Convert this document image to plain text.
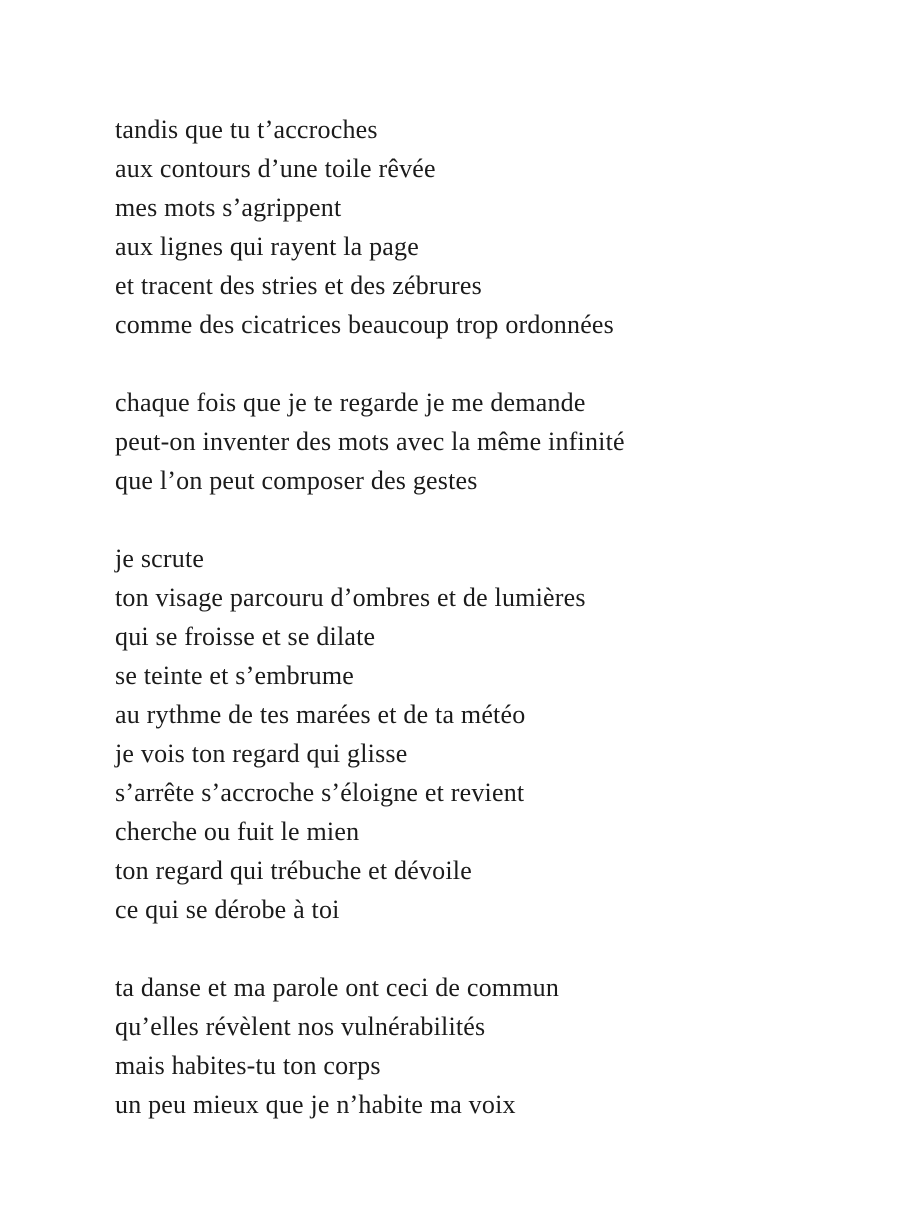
tandis que tu t’accroches

aux contours d’une toile rêvée

mes mots s’agrippent

aux lignes qui rayent la page

et tracent des stries et des zébrures

comme des cicatrices beaucoup trop ordonnées

chaque fois que je te regarde je me demande

peut-on inventer des mots avec la même infinité

que l’on peut composer des gestes

je scrute

ton visage parcouru d’ombres et de lumières

qui se froisse et se dilate

se teinte et s’embrume

au rythme de tes marées et de ta météo

je vois ton regard qui glisse

s’arrête s’accroche s’éloigne et revient

cherche ou fuit le mien

ton regard qui trébuche et dévoile

ce qui se dérobe à toi

ta danse et ma parole ont ceci de commun

qu’elles révèlent nos vulnérabilités

mais habites-tu ton corps

un peu mieux que je n’habite ma voix
